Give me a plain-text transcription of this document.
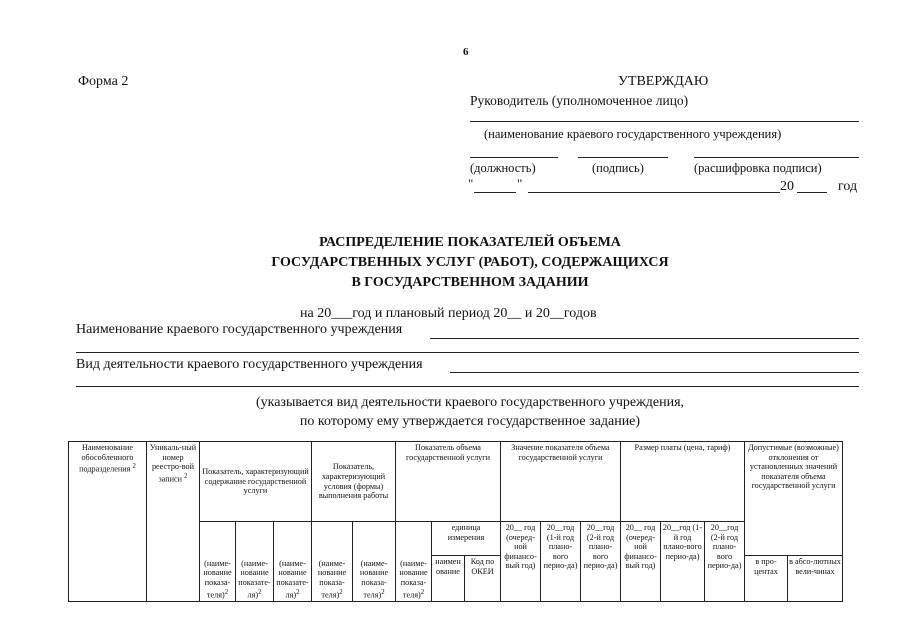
6
Форма 2	УТВЕРЖДАЮ
Руководитель (уполномоченное лицо)
(наименование краевого государственного учреждения)
(должность)	(подпись)	(расшифровка подписи)
"	"	20	год
РАСПРЕДЕЛЕНИЕ ПОКАЗАТЕЛЕЙ ОБЪЕМА
ГОСУДАРСТВЕННЫХ УСЛУГ (РАБОТ), СОДЕРЖАЩИХСЯ
В ГОСУДАРСТВЕННОМ ЗАДАНИИ
на 20___год и плановый период 20__ и 20__годов
Наименование краевого государственного учреждения
Вид деятельности краевого государственного учреждения
(указывается вид деятельности краевого государственного учреждения,
по которому ему утверждается государственное задание)
Наименование обособленного подразделения $^2$	Уникаль-ный номер реестро-вой записи $^2$	Показатель, характеризующий содержание государственной услуги			Показатель, характеризующий условия (формы) выполнения работы		Показатель объема государственной услуги			Значение показателя объема государственной услуги			Размер платы (цена, тариф)			Допустимые (возможные) отклонения от установленных значений показателя объема государственной услуги	
		(наиме-нование показа-теля)$^2$	(наиме-нование показате-ля)$^2$	(наиме-нование показате-ля)$^2$	(наиме-нование показа-теля)$^2$	(наиме-нование показа-теля)$^2$	(наиме-нование показа-теля)$^2$	единица измерения		20__ год (очеред-ной финансо-вый год)	20__год (1-й год плано-вого перио-да)	20__год (2-й год плано-вого перио-да)	20__ год (очеред-ной финансо-вый год)	20__год (1-й год плано-вого перио-да)	20__год (2-й год плано-вого перио-да)		
								наимен ование	Код по ОКЕИ							в про-центах	в абсо-лютных вели-чинах
